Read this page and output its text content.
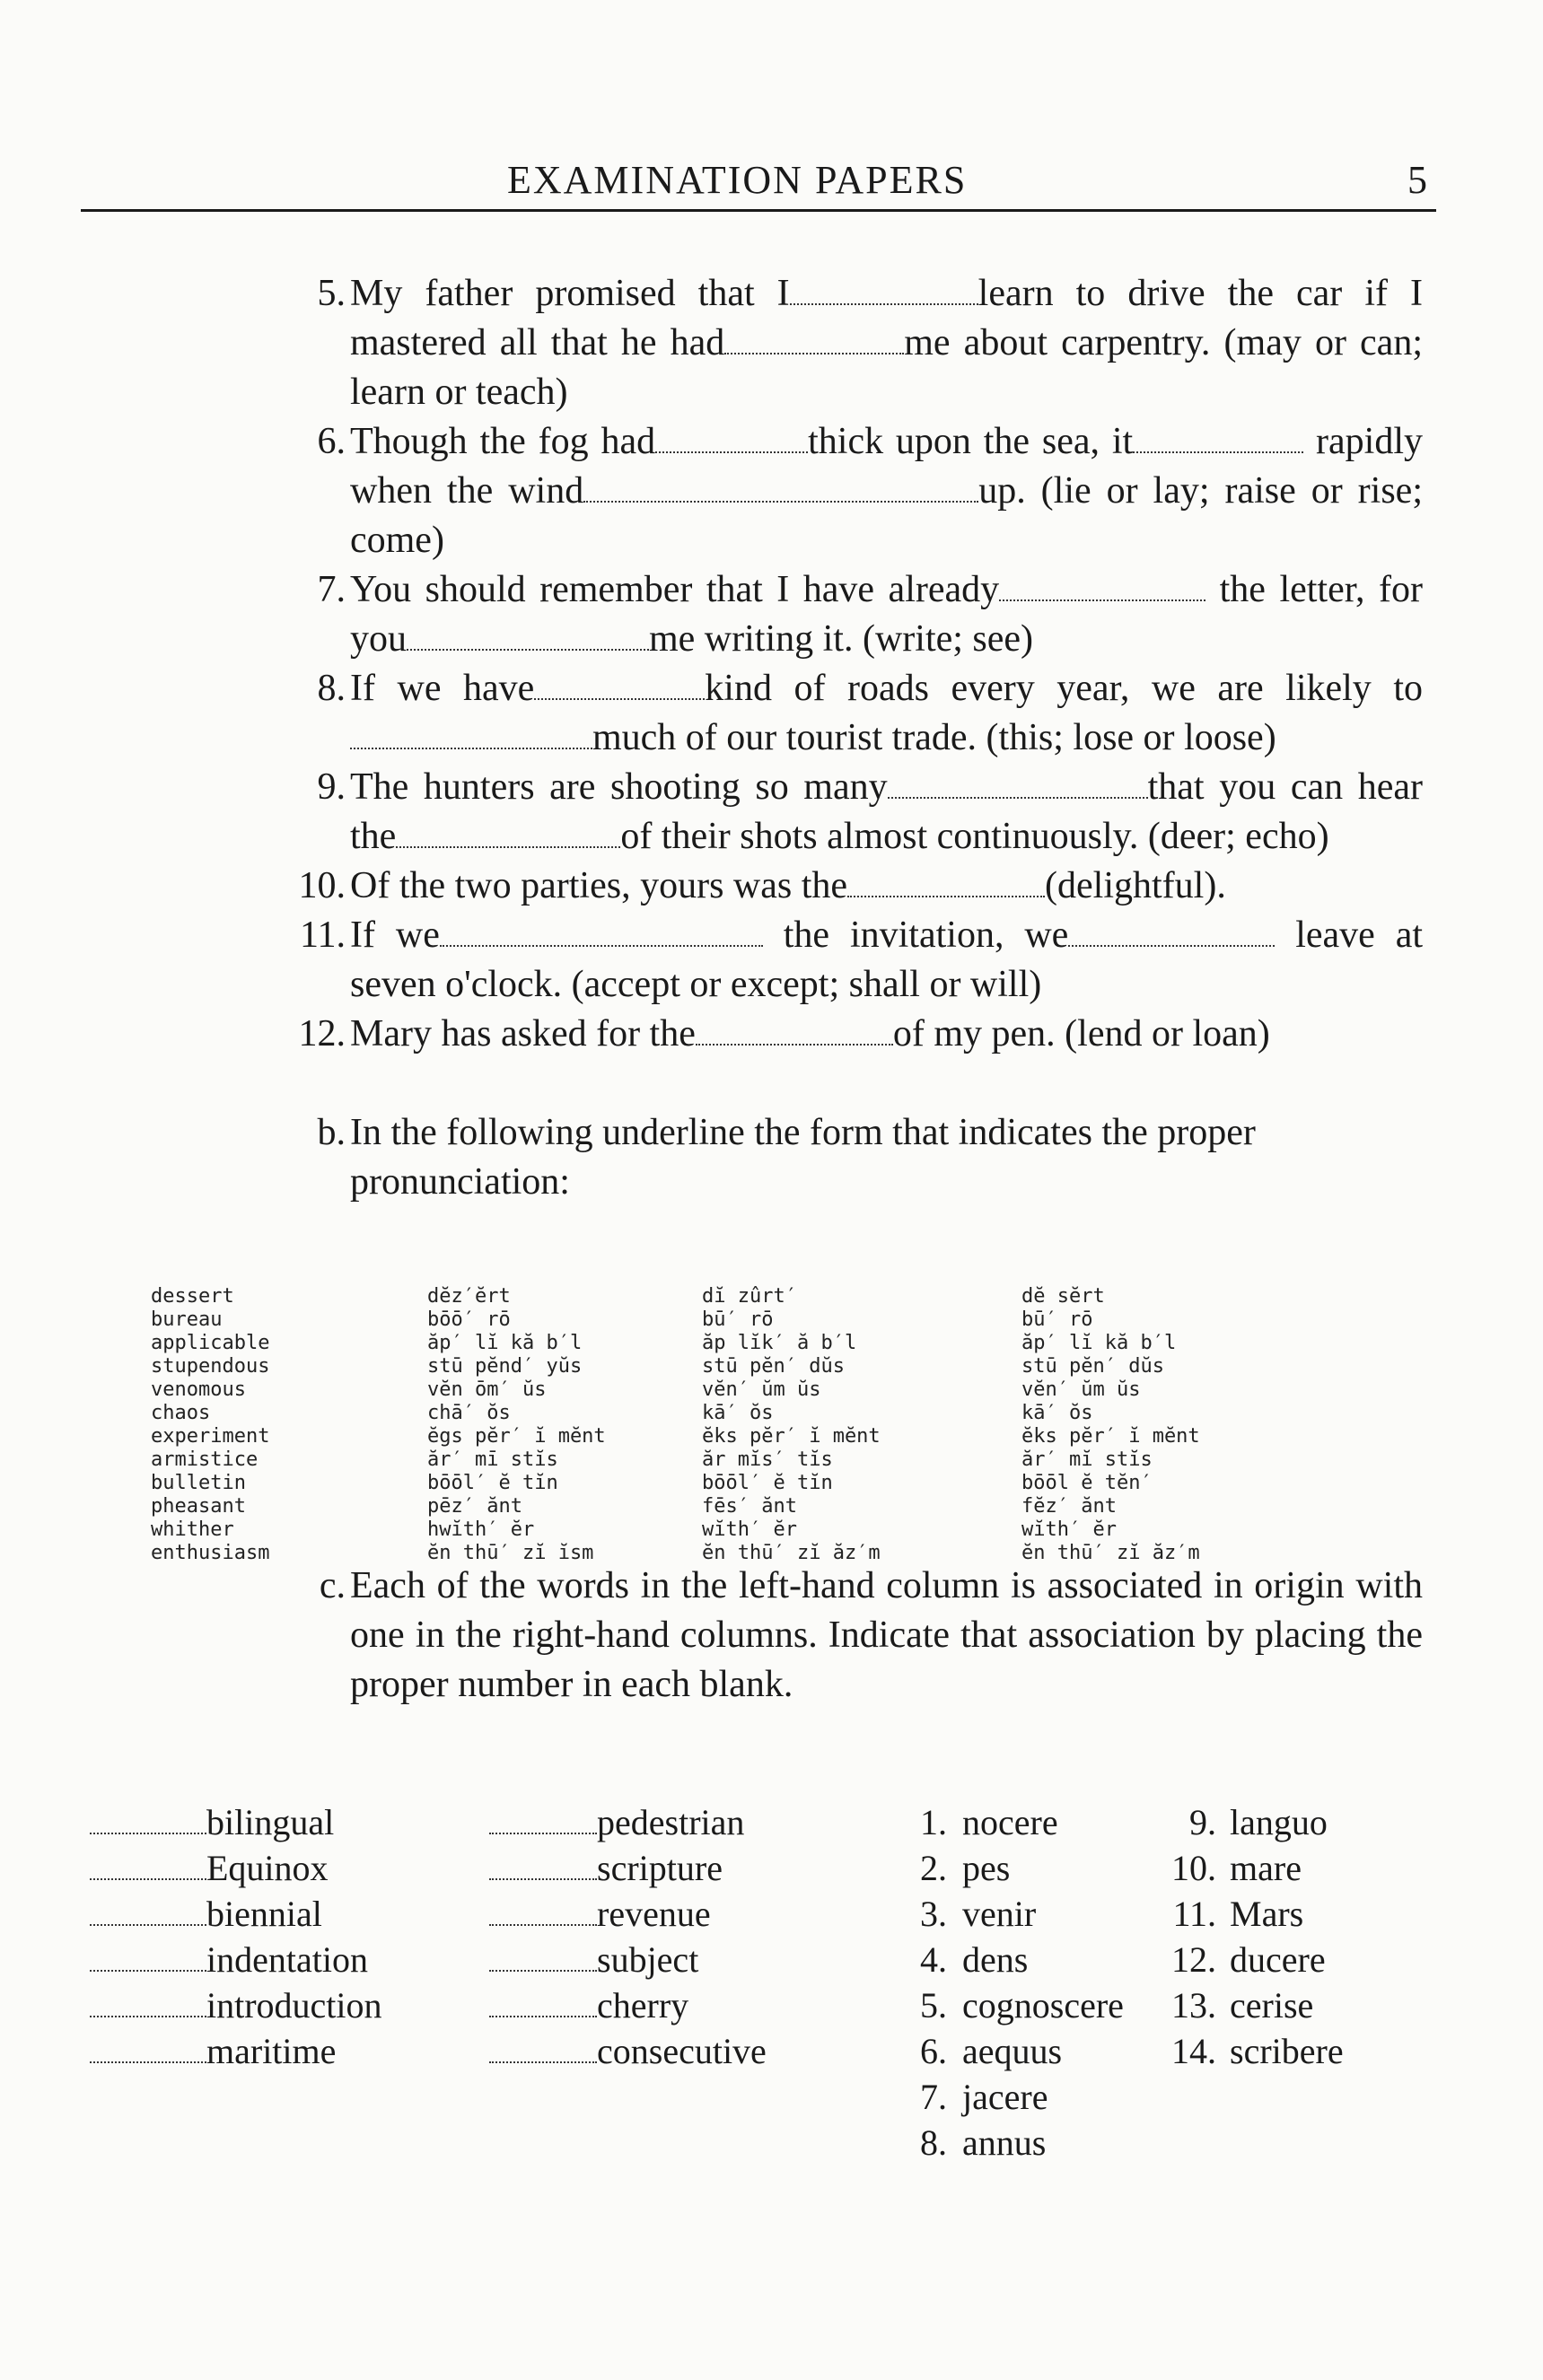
EXAMINATION PAPERS	5
5. My father promised that I	learn to drive the car if I mastered all that he had	me about carpentry. (may or can; learn or teach)
6. Though the fog had	thick upon the sea, it	rapidly when the wind	up. (lie or lay; raise or rise; come)
7. You should remember that I have already	the letter, for you	me writing it. (write; see)
8. If we have	kind of roads every year, we are likely tomuch of our tourist trade. (this; lose or loose)
9. The hunters are shooting so many	that you can hear the	of their shots almost continuously. (deer; echo)
10. Of the two parties, yours was the	(delightful).
11. If we	the invitation, we	leave at seven o'clock. (accept or except; shall or will)
12. Mary has asked for the	of my pen. (lend or loan)
b. In the following underline the form that indicates the proper pronunciation:
dessert	dĕz′ĕrt	dĭ zûrt′	dĕ sĕrt
bureau	bōō′ rō	bū′ rō	bū′ rō
applicable	ăp′ lĭ kă b′l	ăp lĭk′ ă b′l	ăp′ lĭ kă b′l
stupendous	stū pĕnd′ yŭs	stū pĕn′ dŭs	stū pĕn′ dŭs
venomous	vĕn ōm′ ŭs	vĕn′ ŭm ŭs	vĕn′ ŭm ŭs
chaos	chā′ ŏs	kā′ ŏs	kā′ ŏs
experiment	ĕgs pĕr′ ĭ mĕnt	ĕks pĕr′ ĭ mĕnt	ĕks pĕr′ ĭ mĕnt
armistice	ăr′ mī stĭs	ăr mĭs′ tĭs	ăr′ mĭ stĭs
bulletin	bōōl′ ĕ tĭn	bōōl′ ĕ tĭn	bōōl ĕ tĕn′
pheasant	pēz′ ănt	fēs′ ănt	fĕz′ ănt
whither	hwĭth′ ĕr	wĭth′ ĕr	wĭth′ ĕr
enthusiasm	ĕn thū′ zĭ ĭsm	ĕn thū′ zĭ ăz′m	ĕn thū′ zĭ ăz′m
c. Each of the words in the left-hand column is associated in origin with one in the right-hand columns. Indicate that association by placing the proper number in each blank.
bilingual	pedestrian	1. nocere	9. languo
Equinox	scripture	2. pes	10. mare
biennial	revenue	3. venir	11. Mars
indentation	subject	4. dens	12. ducere
introduction	cherry	5. cognoscere	13. cerise
maritime	consecutive	6. aequus	14. scribere
7. jacere
8. annus
